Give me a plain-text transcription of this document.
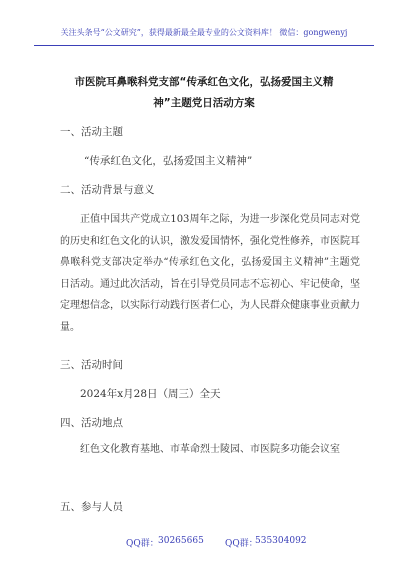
关注头条号“公文研究”，获得最新最全最专业的公文资料库！ 微信：gongwenyj
市医院耳鼻喉科党支部“传承红色文化，弘扬爱国主义精神”主题党日活动方案
一、活动主题
“传承红色文化，弘扬爱国主义精神”
二、活动背景与意义
正值中国共产党成立103周年之际，为进一步深化党员同志对党的历史和红色文化的认识，激发爱国情怀，强化党性修养，市医院耳鼻喉科党支部决定举办“传承红色文化，弘扬爱国主义精神”主题党日活动。通过此次活动，旨在引导党员同志不忘初心、牢记使命，坚定理想信念，以实际行动践行医者仁心，为人民群众健康事业贡献力量。
三、活动时间
2024年x月28日（周三）全天
四、活动地点
红色文化教育基地、市革命烈士陵园、市医院多功能会议室
五、参与人员
QQ群： 30265665 QQ群：
535304092
